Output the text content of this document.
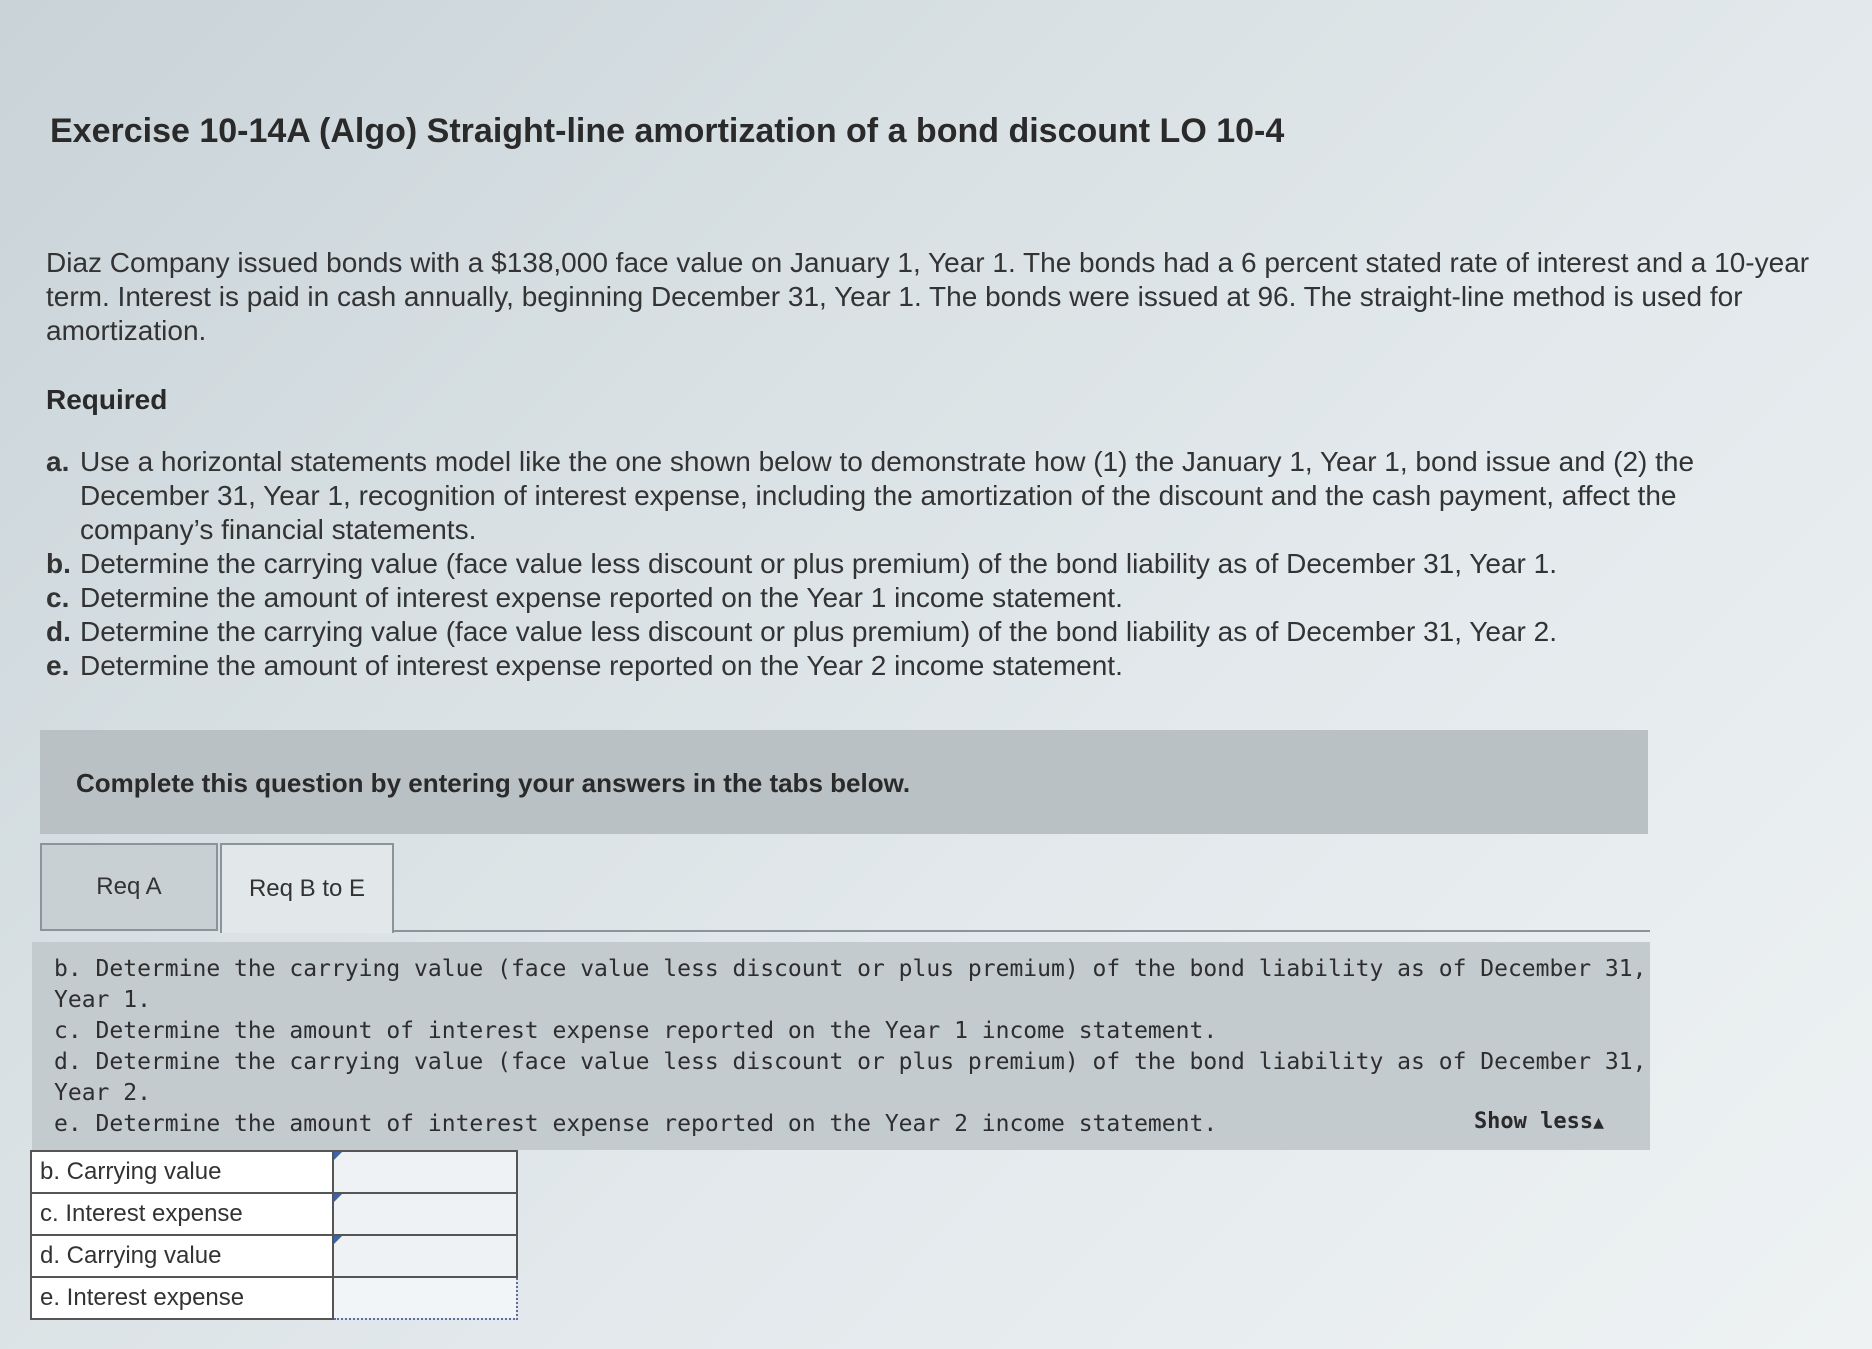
Exercise 10-14A (Algo) Straight-line amortization of a bond discount LO 10-4

Diaz Company issued bonds with a $138,000 face value on January 1, Year 1. The bonds had a 6 percent stated rate of interest and a 10-year term. Interest is paid in cash annually, beginning December 31, Year 1. The bonds were issued at 96. The straight-line method is used for amortization.

Required
a. Use a horizontal statements model like the one shown below to demonstrate how (1) the January 1, Year 1, bond issue and (2) the December 31, Year 1, recognition of interest expense, including the amortization of the discount and the cash payment, affect the company’s financial statements.
b. Determine the carrying value (face value less discount or plus premium) of the bond liability as of December 31, Year 1.
c. Determine the amount of interest expense reported on the Year 1 income statement.
d. Determine the carrying value (face value less discount or plus premium) of the bond liability as of December 31, Year 2.
e. Determine the amount of interest expense reported on the Year 2 income statement.
Complete this question by entering your answers in the tabs below.
Req A	Req B to E
b. Determine the carrying value (face value less discount or plus premium) of the bond liability as of December 31, Year 1.
c. Determine the amount of interest expense reported on the Year 1 income statement.
d. Determine the carrying value (face value less discount or plus premium) of the bond liability as of December 31, Year 2.
e. Determine the amount of interest expense reported on the Year 2 income statement.	Show less▲
b. Carrying value	

c. Interest expense	

d. Carrying value	

e. Interest expense	
